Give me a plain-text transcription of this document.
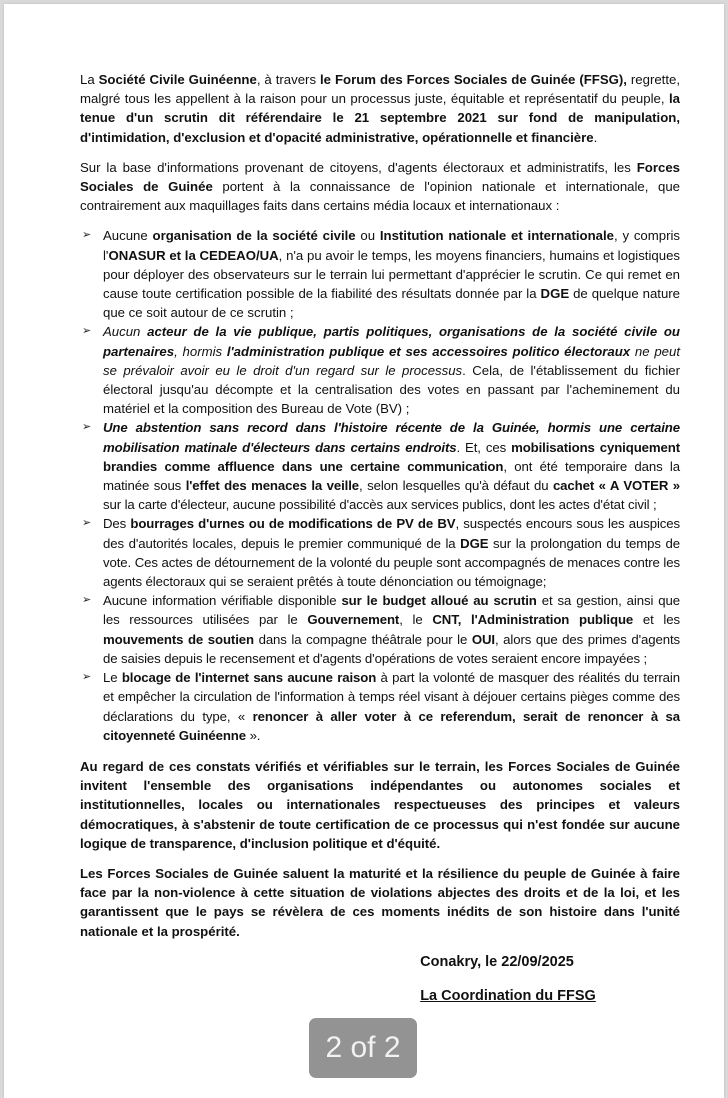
La Société Civile Guinéenne, à travers le Forum des Forces Sociales de Guinée (FFSG), regrette, malgré tous les appellent à la raison pour un processus juste, équitable et représentatif du peuple, la tenue d'un scrutin dit référendaire le 21 septembre 2021 sur fond de manipulation, d'intimidation, d'exclusion et d'opacité administrative, opérationnelle et financière.

Sur la base d'informations provenant de citoyens, d'agents électoraux et administratifs, les Forces Sociales de Guinée portent à la connaissance de l'opinion nationale et internationale, que contrairement aux maquillages faits dans certains média locaux et internationaux :

➢ Aucune organisation de la société civile ou Institution nationale et internationale, y compris l'ONASUR et la CEDEAO/UA, n'a pu avoir le temps, les moyens financiers, humains et logistiques pour déployer des observateurs sur le terrain lui permettant d'apprécier le scrutin. Ce qui remet en cause toute certification possible de la fiabilité des résultats donnée par la DGE de quelque nature que ce soit autour de ce scrutin ;
➢ Aucun acteur de la vie publique, partis politiques, organisations de la société civile ou partenaires, hormis l'administration publique et ses accessoires politico électoraux ne peut se prévaloir avoir eu le droit d'un regard sur le processus. Cela, de l'établissement du fichier électoral jusqu'au décompte et la centralisation des votes en passant par l'acheminement du matériel et la composition des Bureau de Vote (BV) ;
➢ Une abstention sans record dans l'histoire récente de la Guinée, hormis une certaine mobilisation matinale d'électeurs dans certains endroits. Et, ces mobilisations cyniquement brandies comme affluence dans une certaine communication, ont été temporaire dans la matinée sous l'effet des menaces la veille, selon lesquelles qu'à défaut du cachet « A VOTER » sur la carte d'électeur, aucune possibilité d'accès aux services publics, dont les actes d'état civil ;
➢ Des bourrages d'urnes ou de modifications de PV de BV, suspectés encours sous les auspices des d'autorités locales, depuis le premier communiqué de la DGE sur la prolongation du temps de vote. Ces actes de détournement de la volonté du peuple sont accompagnés de menaces contre les agents électoraux qui se seraient prêtés à toute dénonciation ou témoignage;
➢ Aucune information vérifiable disponible sur le budget alloué au scrutin et sa gestion, ainsi que les ressources utilisées par le Gouvernement, le CNT, l'Administration publique et les mouvements de soutien dans la compagne théâtrale pour le OUI, alors que des primes d'agents de saisies depuis le recensement et d'agents d'opérations de votes seraient encore impayées ;
➢ Le blocage de l'internet sans aucune raison à part la volonté de masquer des réalités du terrain et empêcher la circulation de l'information à temps réel visant à déjouer certains pièges comme des déclarations du type, « renoncer à aller voter à ce referendum, serait de renoncer à sa citoyenneté Guinéenne ».

Au regard de ces constats vérifiés et vérifiables sur le terrain, les Forces Sociales de Guinée invitent l'ensemble des organisations indépendantes ou autonomes sociales et institutionnelles, locales ou internationales respectueuses des principes et valeurs démocratiques, à s'abstenir de toute certification de ce processus qui n'est fondée sur aucune logique de transparence, d'inclusion politique et d'équité.

Les Forces Sociales de Guinée saluent la maturité et la résilience du peuple de Guinée à faire face par la non-violence à cette situation de violations abjectes des droits et de la loi, et les garantissent que le pays se révèlera de ces moments inédits de son histoire dans l'unité nationale et la prospérité.

Conakry, le 22/09/2025
La Coordination du FFSG
2 of 2
